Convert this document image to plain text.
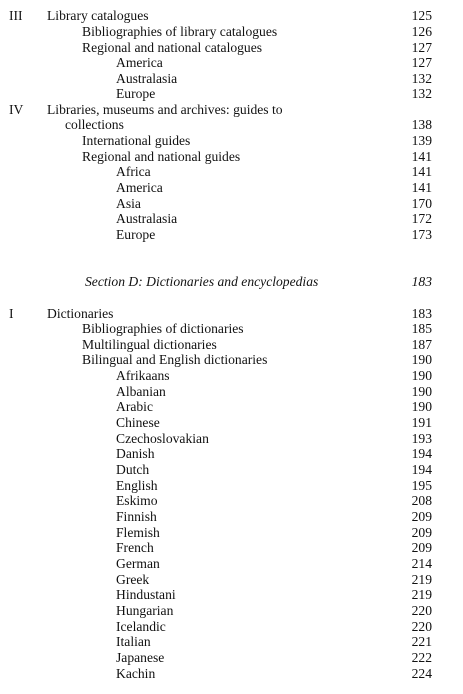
III Library catalogues	125
Bibliographies of library catalogues	126
Regional and national catalogues	127
America	127
Australasia	132
Europe	132
IV Libraries, museums and archives: guides to
collections	138
International guides	139
Regional and national guides	141
Africa	141
America	141
Asia	170
Australasia	172
Europe	173
Section D: Dictionaries and encyclopedias	183
I Dictionaries	183
Bibliographies of dictionaries	185
Multilingual dictionaries	187
Bilingual and English dictionaries	190
Afrikaans	190
Albanian	190
Arabic	190
Chinese	191
Czechoslovakian	193
Danish	194
Dutch	194
English	195
Eskimo	208
Finnish	209
Flemish	209
French	209
German	214
Greek	219
Hindustani	219
Hungarian	220
Icelandic	220
Italian	221
Japanese	222
Kachin	224
